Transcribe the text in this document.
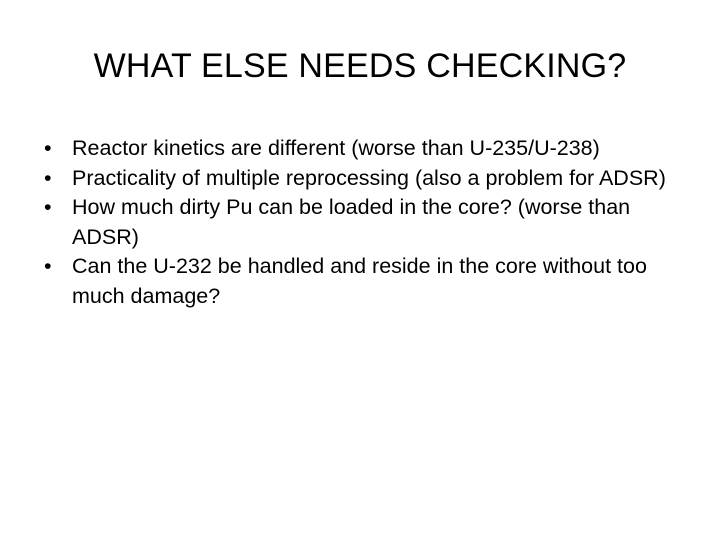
WHAT ELSE NEEDS CHECKING?
• Reactor kinetics are different (worse than U-235/U-238)
• Practicality of multiple reprocessing (also a problem for ADSR)
• How much dirty Pu can be loaded in the core? (worse than ADSR)
• Can the U-232 be handled and reside in the core without too much damage?
